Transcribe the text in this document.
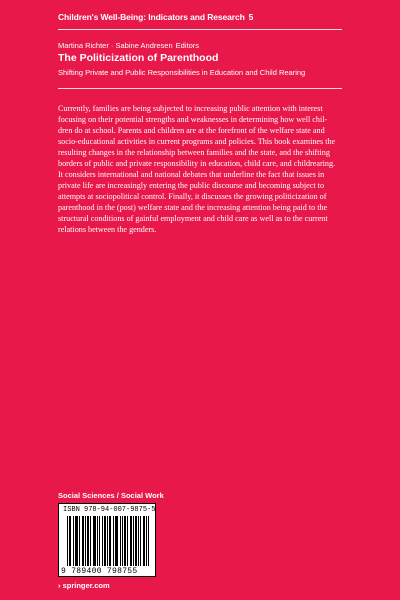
Children's Well-Being: Indicators and Research 5
Martina Richter · Sabine Andresen Editors
The Politicization of Parenthood
Shifting Private and Public Responsibilities in Education and Child Rearing
Currently, families are being subjected to increasing public attention with interest
focusing on their potential strengths and weaknesses in determining how well chil-
dren do at school. Parents and children are at the forefront of the welfare state and
socio-educational activities in current programs and policies. This book examines the
resulting changes in the relationship between families and the state, and the shifting
borders of public and private responsibility in education, child care, and childrearing.
It considers international and national debates that underline the fact that issues in
private life are increasingly entering the public discourse and becoming subject to
attempts at sociopolitical control. Finally, it discusses the growing politicization of
parenthood in the (post) welfare state and the increasing attention being paid to the
structural conditions of gainful employment and child care as well as to the current
relations between the genders.
Social Sciences / Social Work
ISBN 978-94-007-9875-5
9 789400 798755
› springer.com
